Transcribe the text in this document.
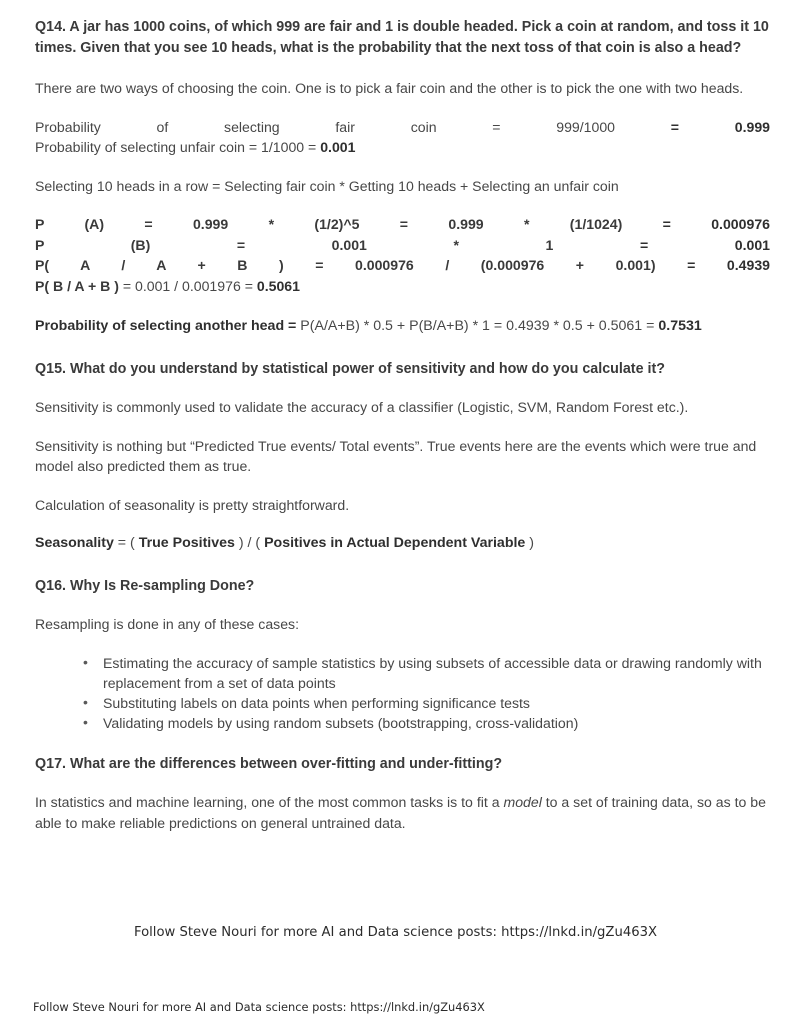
Q14. A jar has 1000 coins, of which 999 are fair and 1 is double headed. Pick a coin at random, and toss it 10 times. Given that you see 10 heads, what is the probability that the next toss of that coin is also a head?

There are two ways of choosing the coin. One is to pick a fair coin and the other is to pick the one with two heads.

Probability of selecting fair coin = 999/1000	= 0.999

Probability of selecting unfair coin = 1/1000 = 0.001

Selecting 10 heads in a row = Selecting fair coin * Getting 10 heads + Selecting an unfair coin

P (A) = 0.999 * (1/2)^5 = 0.999 * (1/1024)	= 0.000976

P (B) = 0.001 * 1	= 0.001

P( A / A + B ) = 0.000976 / (0.000976 + 0.001) = 0.4939

P( B / A + B ) = 0.001 / 0.001976 = 0.5061

Probability of selecting another head = P(A/A+B) * 0.5 + P(B/A+B) * 1 = 0.4939 * 0.5 + 0.5061 = 0.7531

Q15. What do you understand by statistical power of sensitivity and how do you calculate it?

Sensitivity is commonly used to validate the accuracy of a classifier (Logistic, SVM, Random Forest etc.).

Sensitivity is nothing but “Predicted True events/ Total events”. True events here are the events which were true and model also predicted them as true.

Calculation of seasonality is pretty straightforward.

Seasonality = ( True Positives ) / ( Positives in Actual Dependent Variable )

Q16. Why Is Re-sampling Done?

Resampling is done in any of these cases:

• Estimating the accuracy of sample statistics by using subsets of accessible data or drawing randomly with replacement from a set of data points
• Substituting labels on data points when performing significance tests
• Validating models by using random subsets (bootstrapping, cross-validation)

Q17. What are the differences between over-fitting and under-fitting?

In statistics and machine learning, one of the most common tasks is to fit a model to a set of training data, so as to be able to make reliable predictions on general untrained data.

Follow Steve Nouri for more AI and Data science posts: https://lnkd.in/gZu463X
Follow Steve Nouri for more AI and Data science posts: https://lnkd.in/gZu463X
